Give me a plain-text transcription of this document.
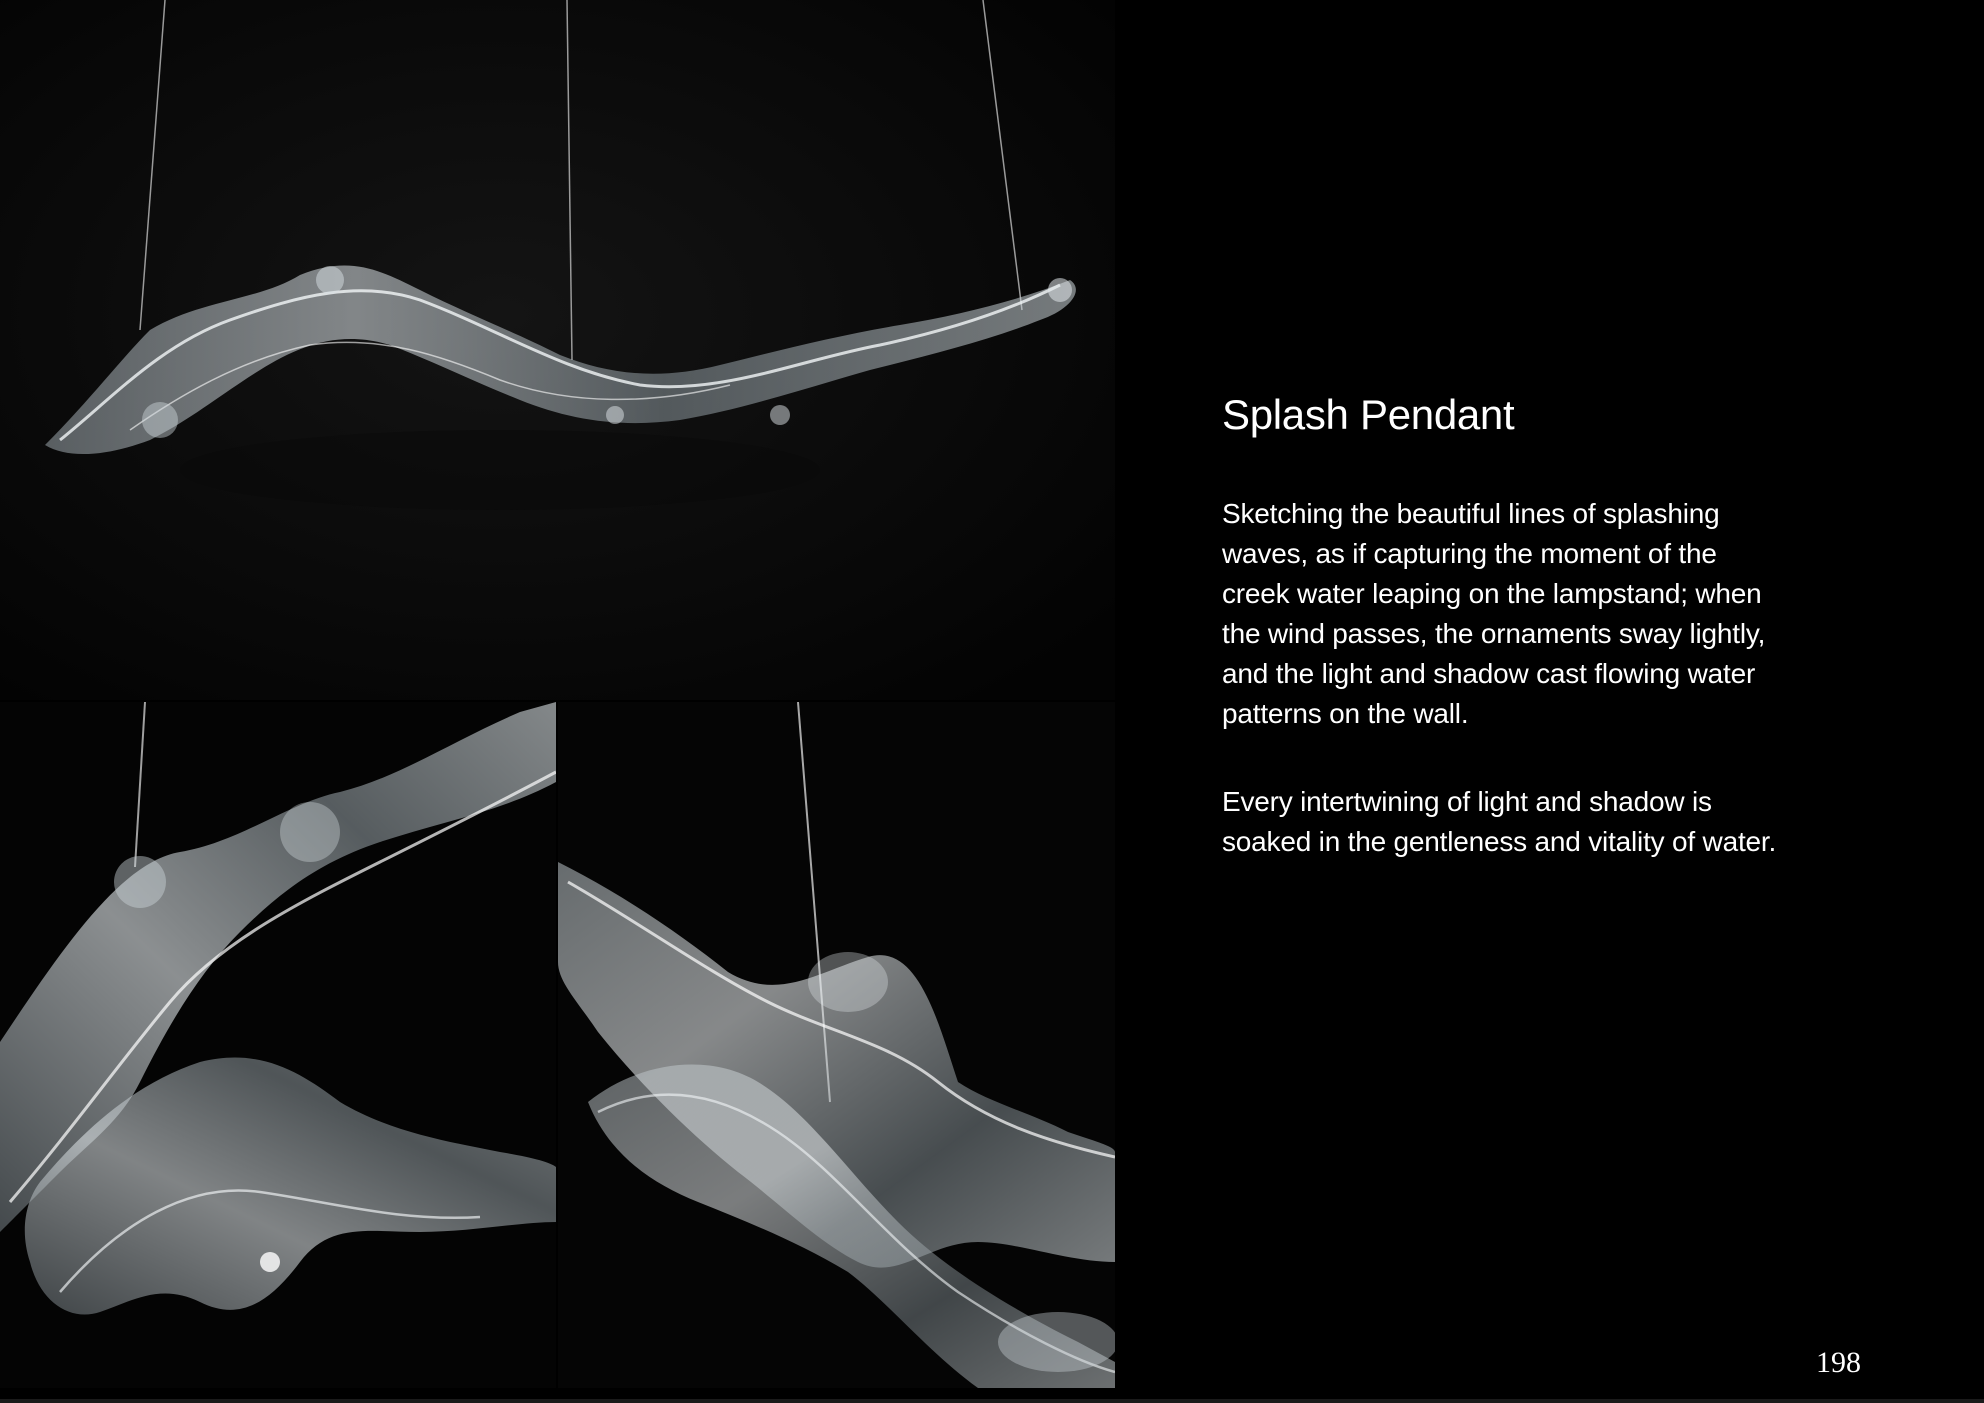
Splash Pendant

Sketching the beautiful lines of splashing waves, as if capturing the moment of the creek water leaping on the lampstand; when the wind passes, the ornaments sway lightly, and the light and shadow cast flowing water patterns on the wall.

Every intertwining of light and shadow is soaked in the gentleness and vitality of water.

198
